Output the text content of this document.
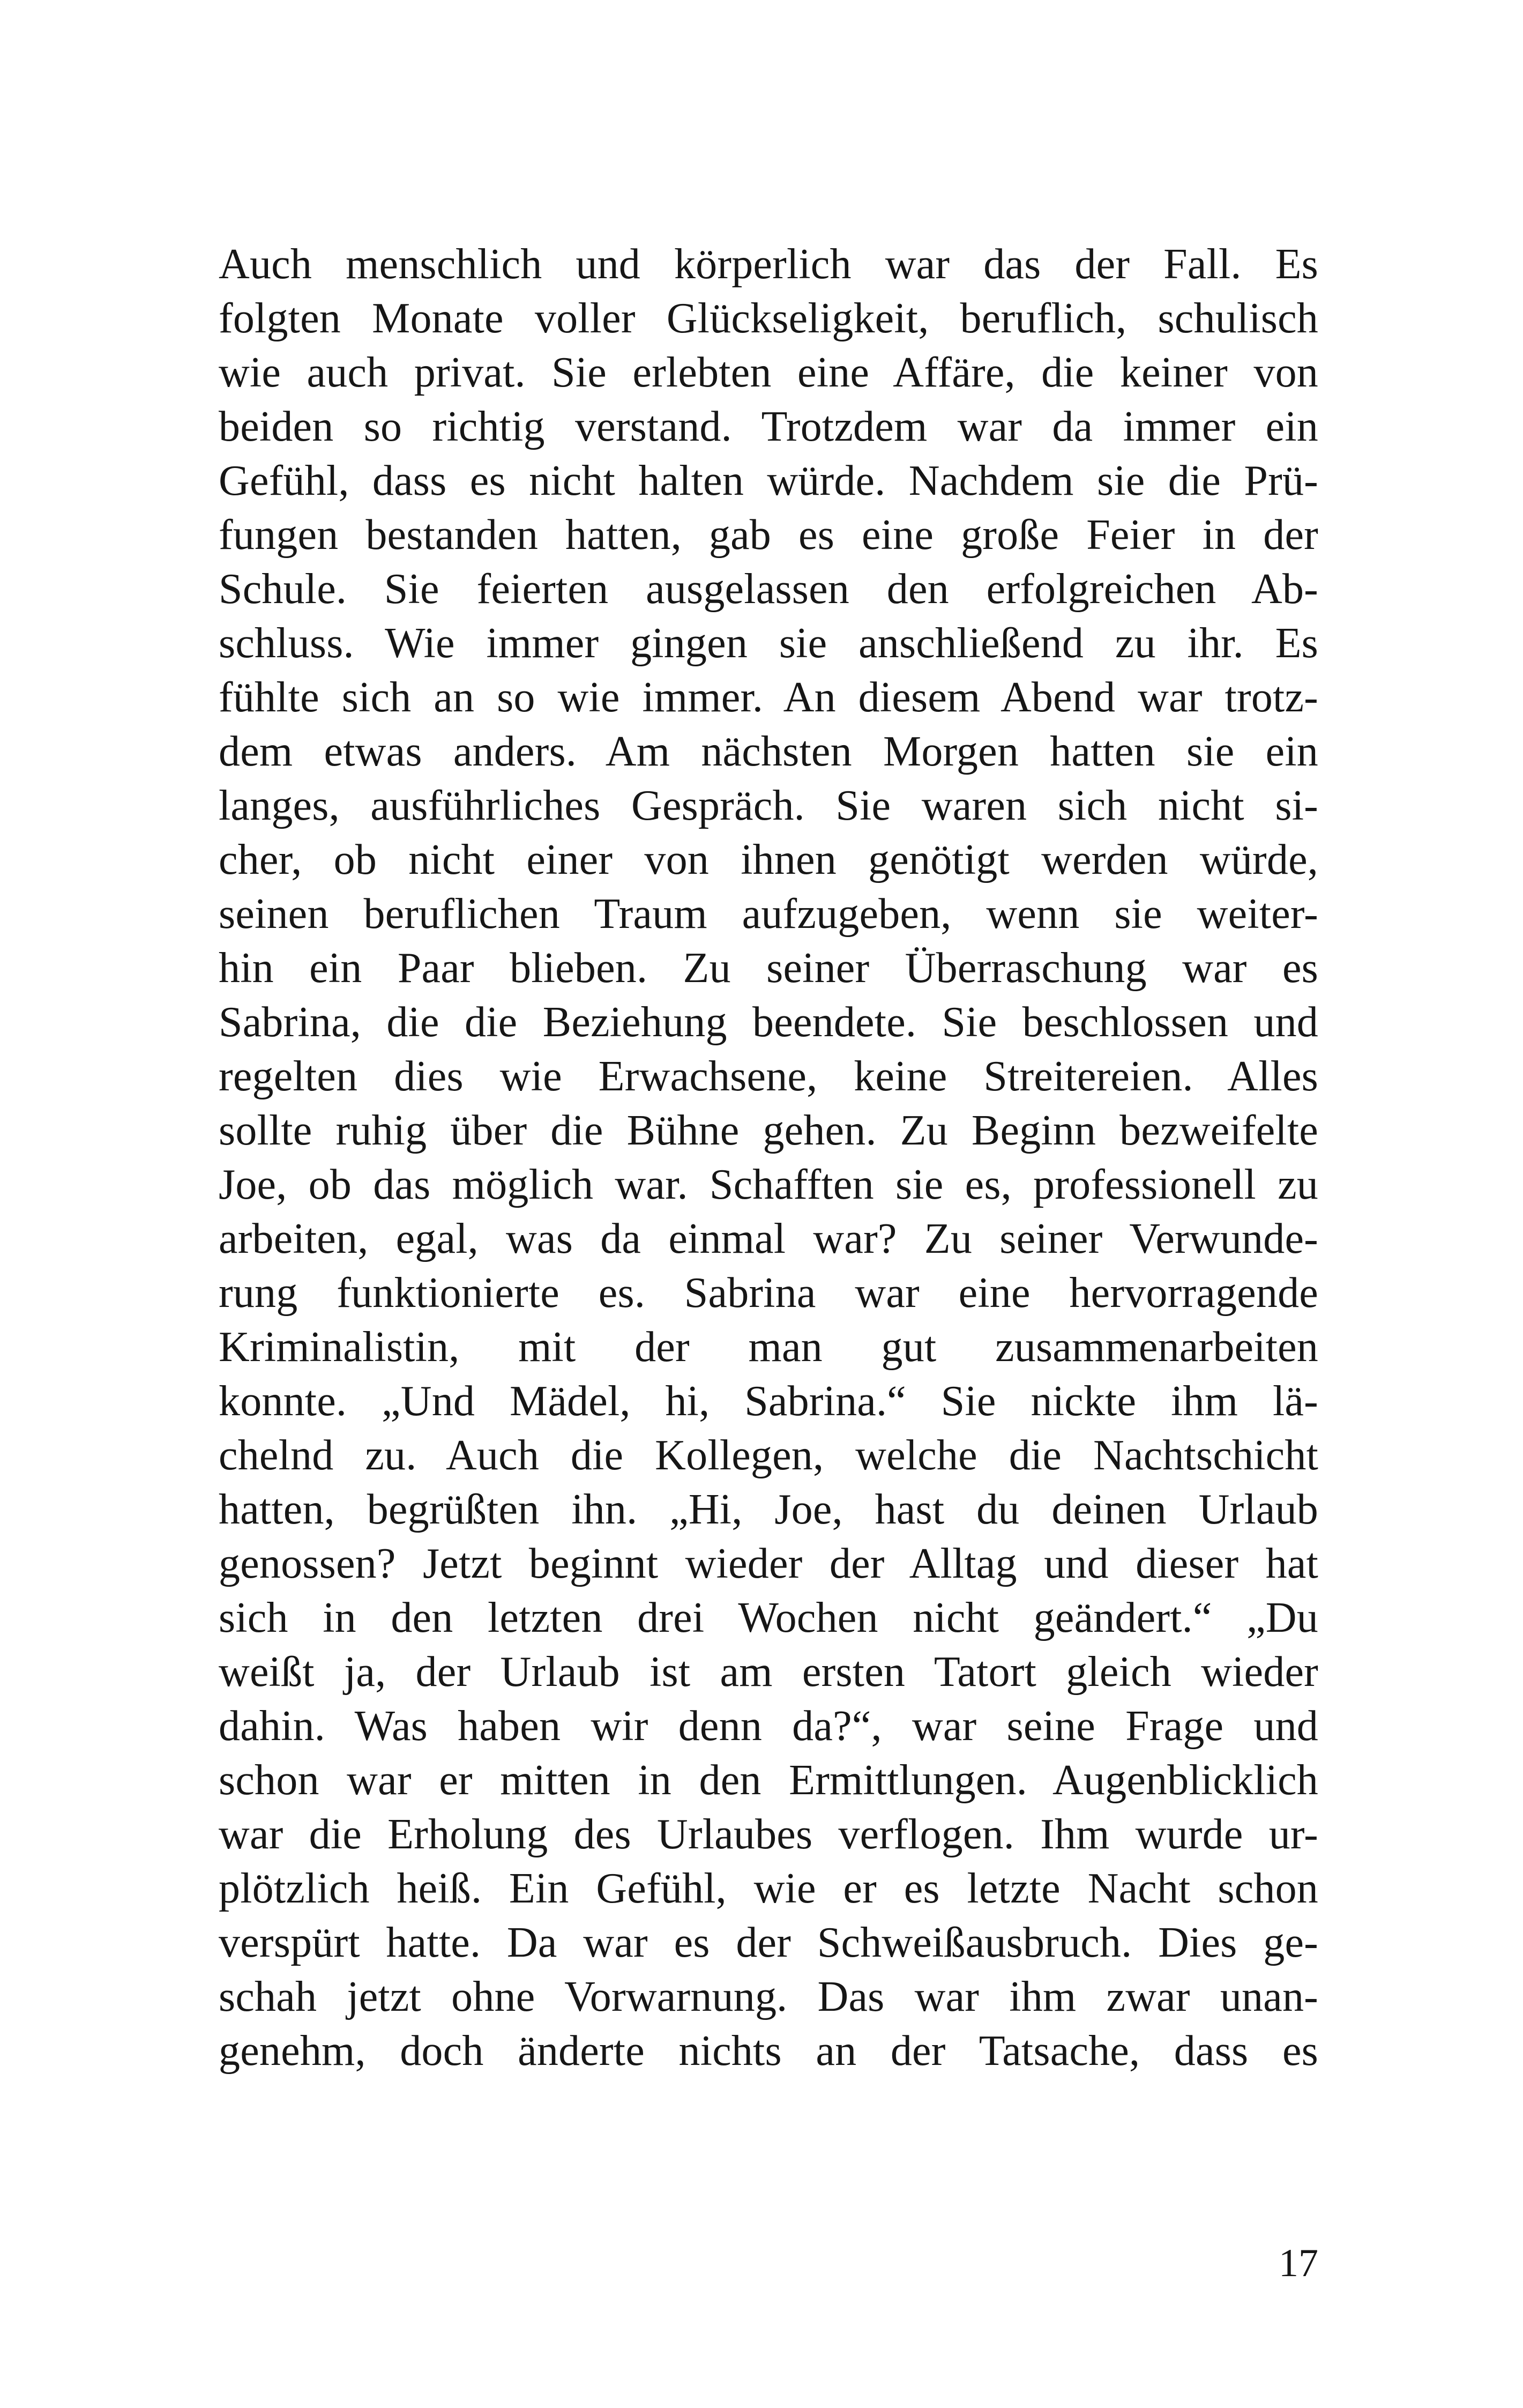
Auch menschlich und körperlich war das der Fall. Es
folgten Monate voller Glückseligkeit, beruflich, schulisch
wie auch privat. Sie erlebten eine Affäre, die keiner von
beiden so richtig verstand. Trotzdem war da immer ein
Gefühl, dass es nicht halten würde. Nachdem sie die Prü-
fungen bestanden hatten, gab es eine große Feier in der
Schule. Sie feierten ausgelassen den erfolgreichen Ab-
schluss. Wie immer gingen sie anschließend zu ihr. Es
fühlte sich an so wie immer. An diesem Abend war trotz-
dem etwas anders. Am nächsten Morgen hatten sie ein
langes, ausführliches Gespräch. Sie waren sich nicht si-
cher, ob nicht einer von ihnen genötigt werden würde,
seinen beruflichen Traum aufzugeben, wenn sie weiter-
hin ein Paar blieben. Zu seiner Überraschung war es
Sabrina, die die Beziehung beendete. Sie beschlossen und
regelten dies wie Erwachsene, keine Streitereien. Alles
sollte ruhig über die Bühne gehen. Zu Beginn bezweifelte
Joe, ob das möglich war. Schafften sie es, professionell zu
arbeiten, egal, was da einmal war? Zu seiner Verwunde-
rung funktionierte es. Sabrina war eine hervorragende
Kriminalistin, mit der man gut zusammenarbeiten
konnte. „Und Mädel, hi, Sabrina.“ Sie nickte ihm lä-
chelnd zu. Auch die Kollegen, welche die Nachtschicht
hatten, begrüßten ihn. „Hi, Joe, hast du deinen Urlaub
genossen? Jetzt beginnt wieder der Alltag und dieser hat
sich in den letzten drei Wochen nicht geändert.“ „Du
weißt ja, der Urlaub ist am ersten Tatort gleich wieder
dahin. Was haben wir denn da?“, war seine Frage und
schon war er mitten in den Ermittlungen. Augenblicklich
war die Erholung des Urlaubes verflogen. Ihm wurde ur-
plötzlich heiß. Ein Gefühl, wie er es letzte Nacht schon
verspürt hatte. Da war es der Schweißausbruch. Dies ge-
schah jetzt ohne Vorwarnung. Das war ihm zwar unan-
genehm, doch änderte nichts an der Tatsache, dass es
17
